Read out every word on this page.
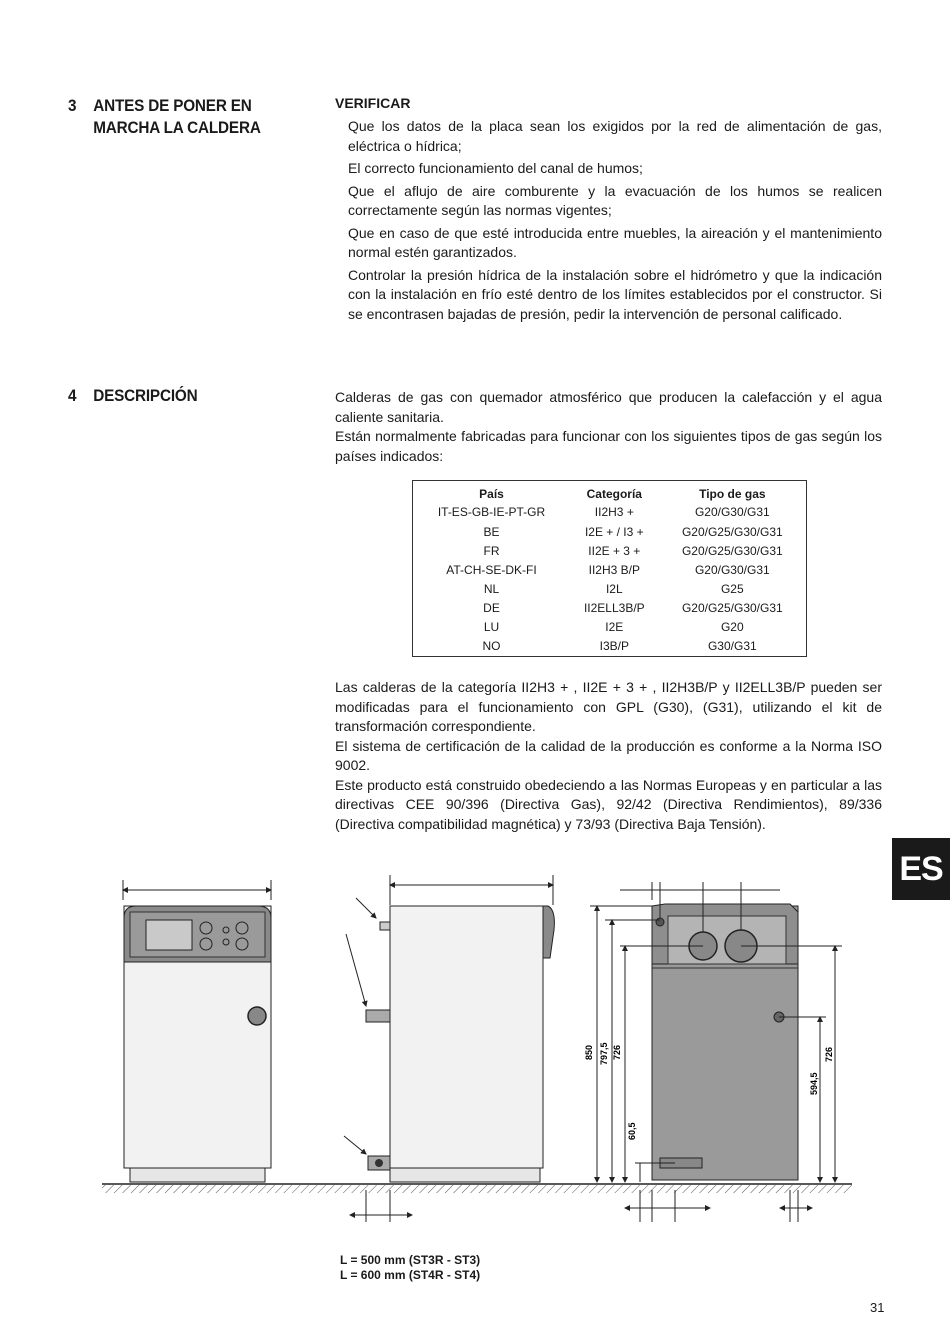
3 ANTES DE PONER EN MARCHA LA CALDERA
VERIFICAR

Que los datos de la placa sean los exigidos por la red de alimentación de gas, eléctrica o hídrica;

El correcto funcionamiento del canal de humos;

Que el aflujo de aire comburente y la evacuación de los humos se realicen correctamente según las normas vigentes;

Que en caso de que esté introducida entre muebles, la aireación y el mantenimiento normal estén garantizados.

Controlar la presión hídrica de la instalación sobre el hidrómetro y que la indicación con la instalación en frío esté dentro de los límites establecidos por el constructor. Si se encontrasen bajadas de presión, pedir la intervención de personal calificado.

4 DESCRIPCIÓN	Calderas de gas con quemador atmosférico que producen la calefacción y el agua caliente sanitaria.

Están normalmente fabricadas para funcionar con los siguientes tipos de gas según los países indicados:

País	Categoría	Tipo de gas
IT-ES-GB-IE-PT-GR	II2H3 +	G20/G30/G31
BE	I2E + / I3 +	G20/G25/G30/G31
FR	II2E + 3 +	G20/G25/G30/G31
AT-CH-SE-DK-FI	II2H3 B/P	G20/G30/G31
NL	I2L	G25
DE	II2ELL3B/P	G20/G25/G30/G31
LU	I2E	G20
NO	I3B/P	G30/G31

Las calderas de la categoría II2H3 + , II2E + 3 + , II2H3B/P y II2ELL3B/P pueden ser modificadas para el funcionamiento con GPL (G30), (G31), utilizando el kit de transformación correspondiente.

El sistema de certificación de la calidad de la producción es conforme a la Norma ISO 9002.

Este producto está construido obedeciendo a las Normas Europeas y en particular a las directivas CEE 90/396 (Directiva Gas), 92/42 (Directiva Rendimientos), 89/336 (Directiva compatibilidad magnética) y 73/93 (Directiva Baja Tensión).

ES
850 797,5 726
60,5
594,5
726
L = 500 mm (ST3R - ST3)
L = 600 mm (ST4R - ST4)
31
